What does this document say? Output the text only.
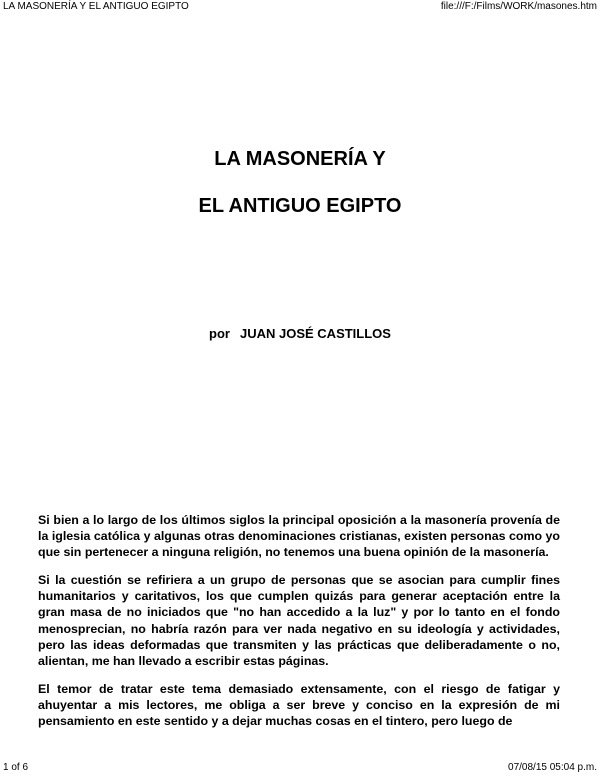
LA MASONERÍA Y EL ANTIGUO EGIPTO	file:///F:/Films/WORK/masones.htm
LA MASONERÍA Y
EL ANTIGUO EGIPTO
por JUAN JOSÉ CASTILLOS

Si bien a lo largo de los últimos siglos la principal oposición a la masonería provenía de la iglesia católica y algunas otras denominaciones cristianas, existen personas como yo que sin pertenecer a ninguna religión, no tenemos una buena opinión de la masonería.

Si la cuestión se refiriera a un grupo de personas que se asocian para cumplir fines humanitarios y caritativos, los que cumplen quizás para generar aceptación entre la gran masa de no iniciados que "no han accedido a la luz" y por lo tanto en el fondo menosprecian, no habría razón para ver nada negativo en su ideología y actividades, pero las ideas deformadas que transmiten y las prácticas que deliberadamente o no, alientan, me han llevado a escribir estas páginas.

El temor de tratar este tema demasiado extensamente, con el riesgo de fatigar y ahuyentar a mis lectores, me obliga a ser breve y conciso en la expresión de mi pensamiento en este sentido y a dejar muchas cosas en el tintero, pero luego de

1 of 6	07/08/15 05:04 p.m.
